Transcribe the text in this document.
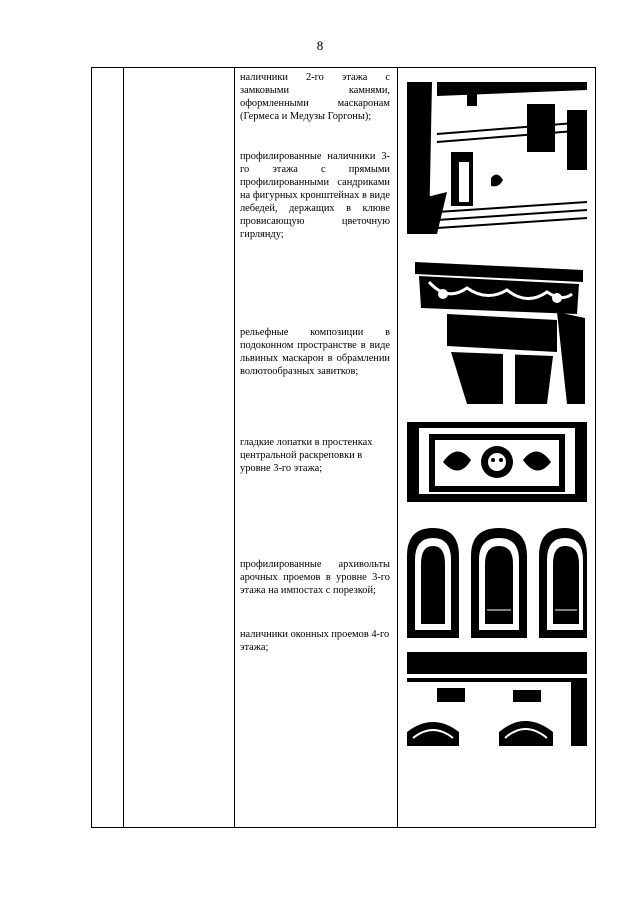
8
наличники 2-го этажа с замковыми камнями, оформленными маскаронам (Гермеса и Медузы Горгоны);
профилированные наличники 3-го этажа с прямыми профилированными сандриками на фигурных кронштейнах в виде лебедей, держащих в клюве провисающую цветочную гирлянду;
рельефные композиции в подоконном пространстве в виде львиных маскарон в обрамлении волютообразных завитков;
гладкие лопатки в простенках центральной раскреповки в уровне 3-го этажа;
профилированные архивольты арочных проемов в уровне 3-го этажа на импостах с порезкой;
наличники оконных проемов 4-го этажа;
